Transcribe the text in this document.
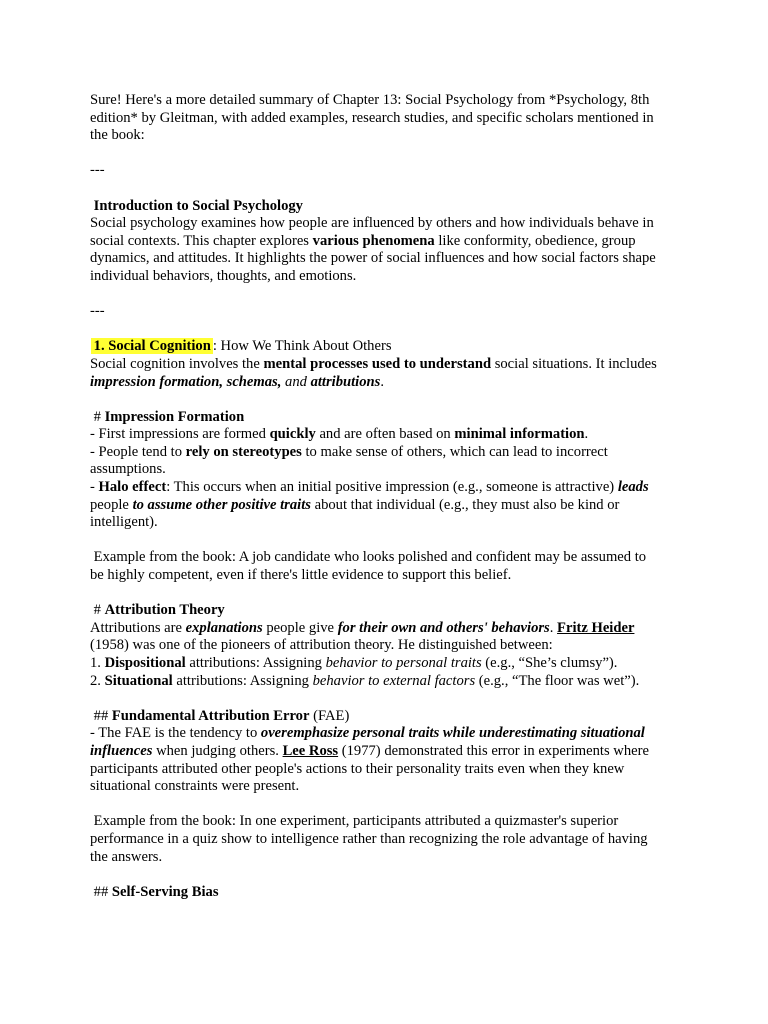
Sure! Here's a more detailed summary of Chapter 13: Social Psychology from *Psychology, 8th
edition* by Gleitman, with added examples, research studies, and specific scholars mentioned in
the book:
---
Introduction to Social Psychology
Social psychology examines how people are influenced by others and how individuals behave in
social contexts. This chapter explores various phenomena like conformity, obedience, group
dynamics, and attitudes. It highlights the power of social influences and how social factors shape
individual behaviors, thoughts, and emotions.
---
1. Social Cognition : How We Think About Others
Social cognition involves the mental processes used to understand social situations. It includes
impression formation, schemas, and attributions.
# Impression Formation
- First impressions are formed quickly and are often based on minimal information.
- People tend to rely on stereotypes to make sense of others, which can lead to incorrect
assumptions.
- Halo effect: This occurs when an initial positive impression (e.g., someone is attractive) leads
people to assume other positive traits about that individual (e.g., they must also be kind or
intelligent).
Example from the book: A job candidate who looks polished and confident may be assumed to
be highly competent, even if there's little evidence to support this belief.
# Attribution Theory
Attributions are explanations people give for their own and others' behaviors. Fritz Heider
(1958) was one of the pioneers of attribution theory. He distinguished between:
1. Dispositional attributions: Assigning behavior to personal traits (e.g., “She’s clumsy”).
2. Situational attributions: Assigning behavior to external factors (e.g., “The floor was wet”).
## Fundamental Attribution Error (FAE)
- The FAE is the tendency to overemphasize personal traits while underestimating situational
influences when judging others. Lee Ross (1977) demonstrated this error in experiments where
participants attributed other people's actions to their personality traits even when they knew
situational constraints were present.
Example from the book: In one experiment, participants attributed a quizmaster's superior
performance in a quiz show to intelligence rather than recognizing the role advantage of having
the answers.
## Self-Serving Bias
